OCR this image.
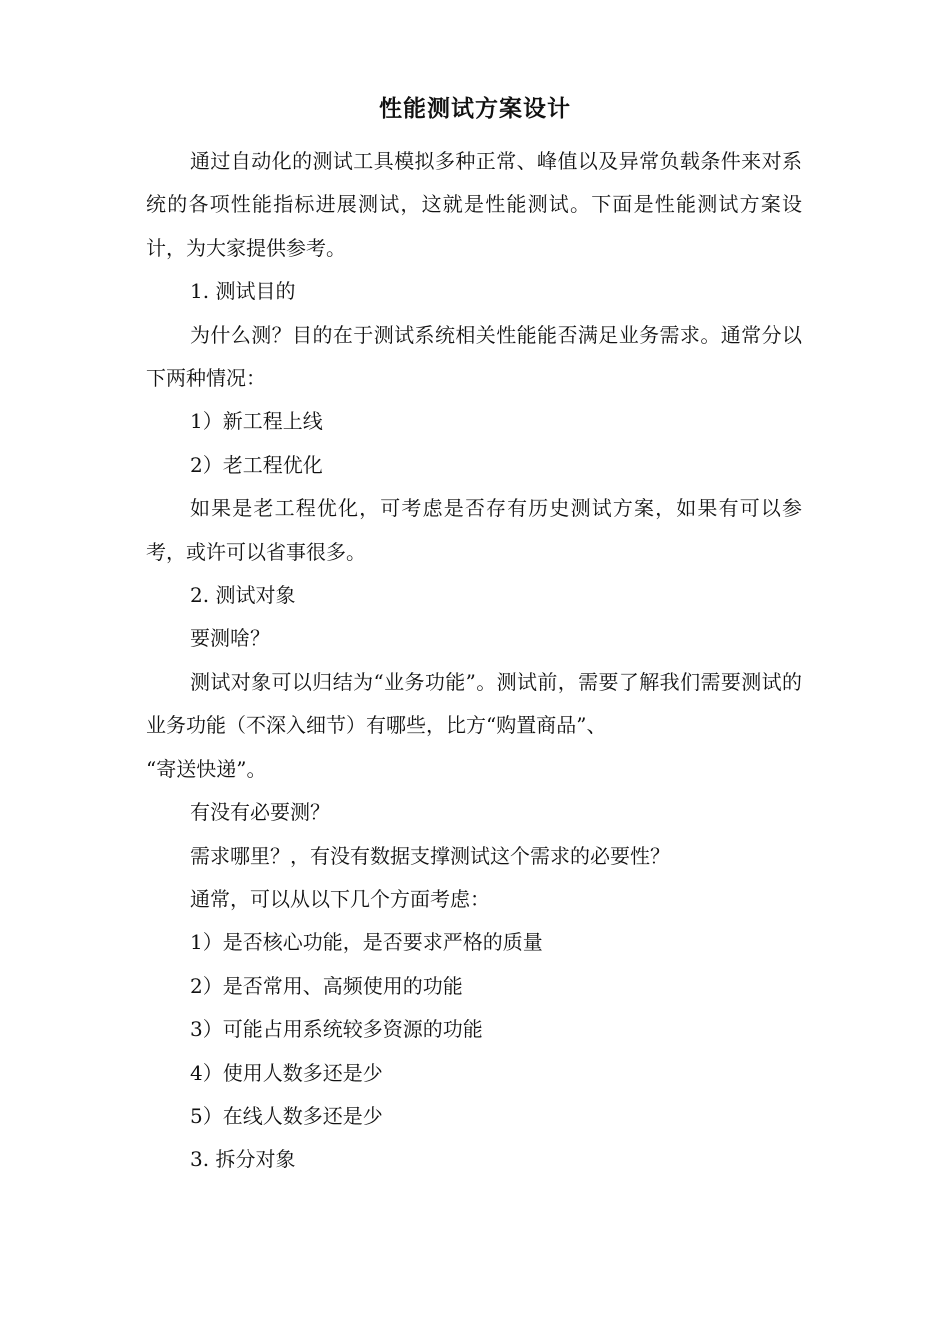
性能测试方案设计

通过自动化的测试工具模拟多种正常、峰值以及异常负载条件来对系统的各项性能指标进展测试，这就是性能测试。下面是性能测试方案设计，为大家提供参考。

1. 测试目的

为什么测？目的在于测试系统相关性能能否满足业务需求。通常分以下两种情况：

1）新工程上线

2）老工程优化

如果是老工程优化，可考虑是否存有历史测试方案，如果有可以参考，或许可以省事很多。

2. 测试对象

要测啥？

测试对象可以归结为“业务功能”。测试前，需要了解我们需要测试的业务功能（不深入细节）有哪些，比方“购置商品”、

“寄送快递”。

有没有必要测？

需求哪里？，有没有数据支撑测试这个需求的必要性？

通常，可以从以下几个方面考虑：

1）是否核心功能，是否要求严格的质量

2）是否常用、高频使用的功能

3）可能占用系统较多资源的功能

4）使用人数多还是少

5）在线人数多还是少

3. 拆分对象
